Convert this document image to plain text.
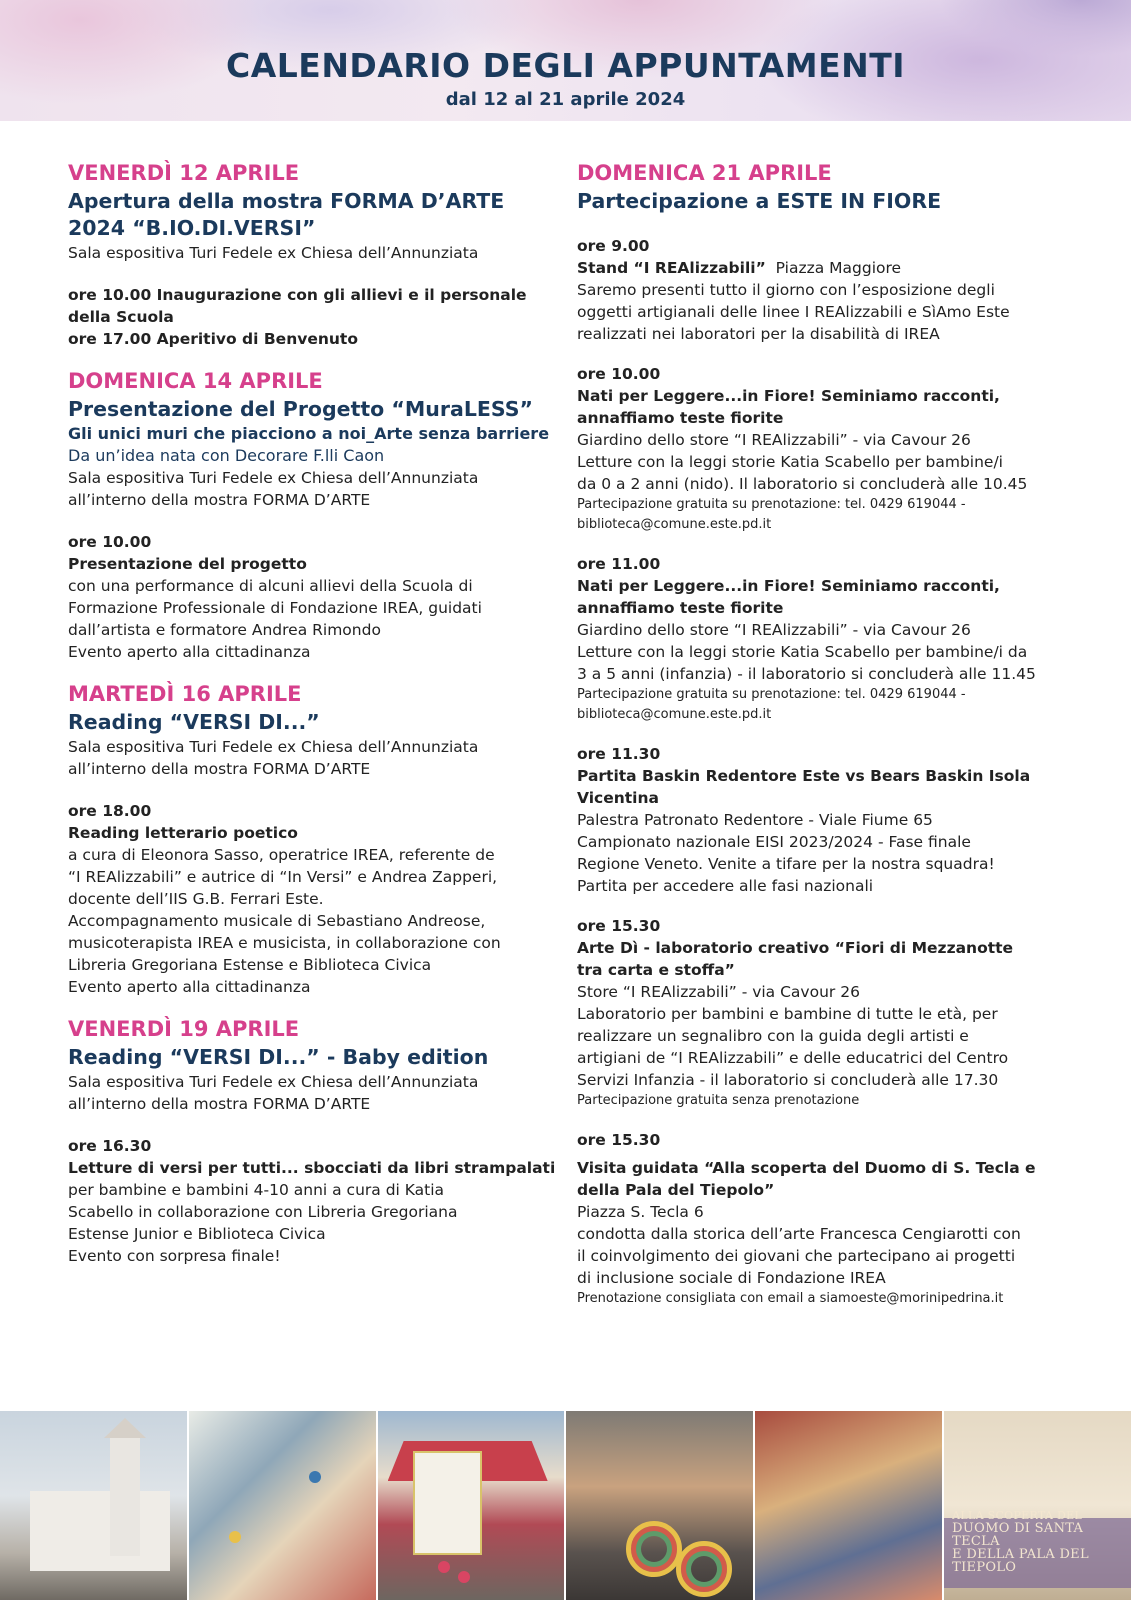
CALENDARIO DEGLI APPUNTAMENTI
dal 12 al 21 aprile 2024
VENERDÌ 12 APRILE
Apertura della mostra FORMA D’ARTE 2024 “B.IO.DI.VERSI”
Sala espositiva Turi Fedele ex Chiesa dell’Annunziata
ore 10.00 Inaugurazione con gli allievi e il personale della Scuola
ore 17.00 Aperitivo di Benvenuto
DOMENICA 14 APRILE
Presentazione del Progetto “MuraLESS”
Gli unici muri che piacciono a noi_Arte senza barriere
Da un’idea nata con Decorare F.lli Caon
Sala espositiva Turi Fedele ex Chiesa dell’Annunziata
all’interno della mostra FORMA D’ARTE
ore 10.00
Presentazione del progetto
con una performance di alcuni allievi della Scuola di
Formazione Professionale di Fondazione IREA, guidati
dall’artista e formatore Andrea Rimondo
Evento aperto alla cittadinanza
MARTEDÌ 16 APRILE
Reading “VERSI DI...”
Sala espositiva Turi Fedele ex Chiesa dell’Annunziata
all’interno della mostra FORMA D’ARTE
ore 18.00
Reading letterario poetico
a cura di Eleonora Sasso, operatrice IREA, referente de
“I REAlizzabili” e autrice di “In Versi” e Andrea Zapperi,
docente dell’IIS G.B. Ferrari Este.
Accompagnamento musicale di Sebastiano Andreose,
musicoterapista IREA e musicista, in collaborazione con
Libreria Gregoriana Estense e Biblioteca Civica
Evento aperto alla cittadinanza
VENERDÌ 19 APRILE
Reading “VERSI DI...” - Baby edition
Sala espositiva Turi Fedele ex Chiesa dell’Annunziata
all’interno della mostra FORMA D’ARTE
ore 16.30
Letture di versi per tutti... sbocciati da libri strampalati
per bambine e bambini 4-10 anni a cura di Katia
Scabello in collaborazione con Libreria Gregoriana
Estense Junior e Biblioteca Civica
Evento con sorpresa finale!
DOMENICA 21 APRILE
Partecipazione a ESTE IN FIORE
ore 9.00
Stand “I REAlizzabili” Piazza Maggiore
Saremo presenti tutto il giorno con l’esposizione degli
oggetti artigianali delle linee I REAlizzabili e SìAmo Este
realizzati nei laboratori per la disabilità di IREA
ore 10.00
Nati per Leggere...in Fiore! Seminiamo racconti,
annaffiamo teste fiorite
Giardino dello store “I REAlizzabili” - via Cavour 26
Letture con la leggi storie Katia Scabello per bambine/i
da 0 a 2 anni (nido). Il laboratorio si concluderà alle 10.45
Partecipazione gratuita su prenotazione: tel. 0429 619044 -
biblioteca@comune.este.pd.it
ore 11.00
Nati per Leggere...in Fiore! Seminiamo racconti,
annaffiamo teste fiorite
Giardino dello store “I REAlizzabili” - via Cavour 26
Letture con la leggi storie Katia Scabello per bambine/i da
3 a 5 anni (infanzia) - il laboratorio si concluderà alle 11.45
Partecipazione gratuita su prenotazione: tel. 0429 619044 -
biblioteca@comune.este.pd.it
ore 11.30
Partita Baskin Redentore Este vs Bears Baskin Isola
Vicentina
Palestra Patronato Redentore - Viale Fiume 65
Campionato nazionale EISI 2023/2024 - Fase finale
Regione Veneto. Venite a tifare per la nostra squadra!
Partita per accedere alle fasi nazionali
ore 15.30
Arte Dì - laboratorio creativo “Fiori di Mezzanotte
tra carta e stoffa”
Store “I REAlizzabili” - via Cavour 26
Laboratorio per bambini e bambine di tutte le età, per
realizzare un segnalibro con la guida degli artisti e
artigiani de “I REAlizzabili” e delle educatrici del Centro
Servizi Infanzia - il laboratorio si concluderà alle 17.30
Partecipazione gratuita senza prenotazione
ore 15.30
Visita guidata “Alla scoperta del Duomo di S. Tecla e
della Pala del Tiepolo”
Piazza S. Tecla 6
condotta dalla storica dell’arte Francesca Cengiarotti con
il coinvolgimento dei giovani che partecipano ai progetti
di inclusione sociale di Fondazione IREA
Prenotazione consigliata con email a siamoeste@morinipedrina.it
ALLA SCOPERTA DEL
DUOMO DI SANTA TECLA
E DELLA PALA DEL TIEPOLO
